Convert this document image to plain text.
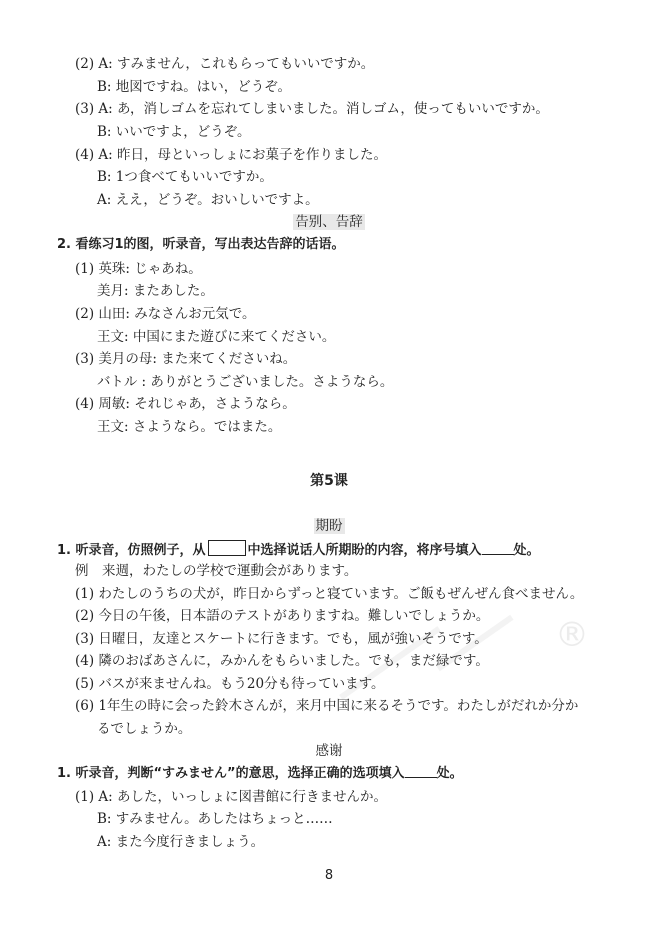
®
(2) A: すみません，これもらってもいいですか。
B: 地図ですね。はい，どうぞ。
(3) A: あ，消しゴムを忘れてしまいました。消しゴム，使ってもいいですか。
B: いいですよ，どうぞ。
(4) A: 昨日，母といっしょにお菓子を作りました。
B: 1つ食べてもいいですか。
A: ええ，どうぞ。おいしいですよ。
告别、告辞
2. 看练习1的图，听录音，写出表达告辞的话语。
(1) 英珠: じゃあね。
美月: またあした。
(2) 山田: みなさんお元気で。
王文: 中国にまた遊びに来てください。
(3) 美月の母: また来てくださいね。
バトル : ありがとうございました。さようなら。
(4) 周敏: それじゃあ，さようなら。
王文: さようなら。ではまた。
第5课
期盼
1. 听录音，仿照例子，从	中选择说话人所期盼的内容，将序号填入 处。
例　来週，わたしの学校で運動会があります。
(1) わたしのうちの犬が，昨日からずっと寝ています。ご飯もぜんぜん食べません。
(2) 今日の午後，日本語のテストがありますね。難しいでしょうか。
(3) 日曜日，友達とスケートに行きます。でも，風が強いそうです。
(4) 隣のおばあさんに，みかんをもらいました。でも，まだ緑です。
(5) バスが来ませんね。もう20分も待っています。
(6) 1年生の時に会った鈴木さんが，来月中国に来るそうです。わたしがだれか分か
るでしょうか。
感谢
1. 听录音，判断“すみません”的意思，选择正确的选项填入 处。
(1) A: あした，いっしょに図書館に行きませんか。
B: すみません。あしたはちょっと……
A: また今度行きましょう。
8
